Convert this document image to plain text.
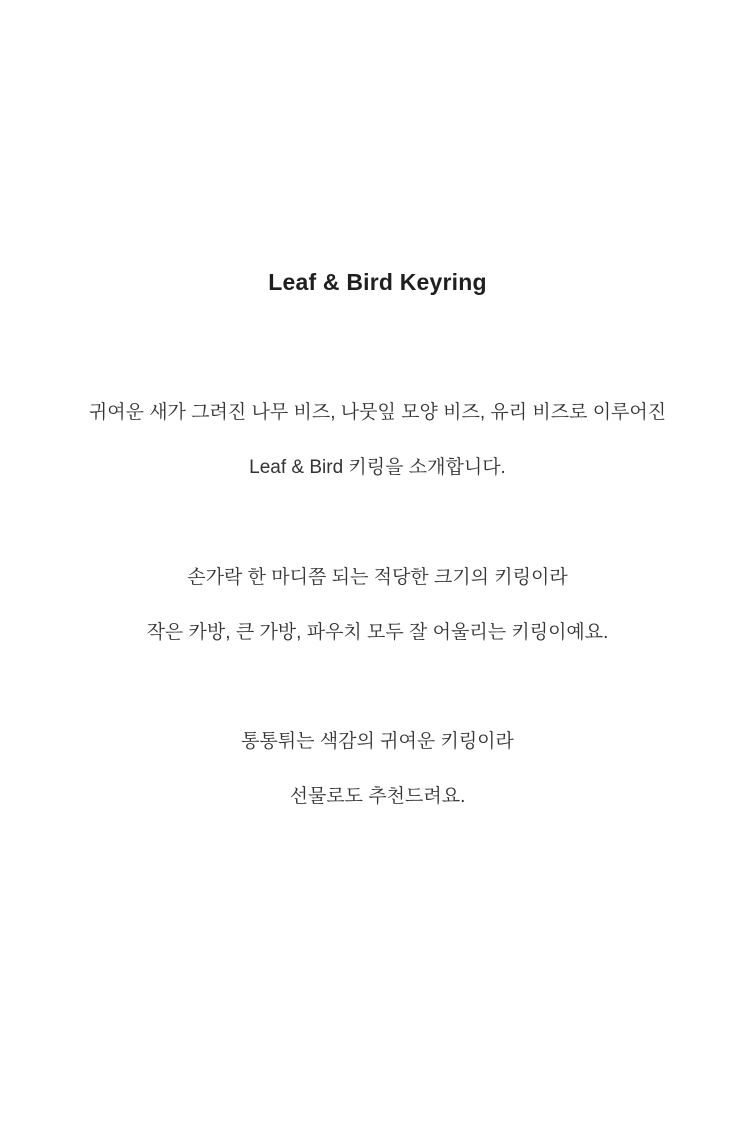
Leaf & Bird Keyring

귀여운 새가 그려진 나무 비즈, 나뭇잎 모양 비즈, 유리 비즈로 이루어진
Leaf & Bird 키링을 소개합니다.

손가락 한 마디쯤 되는 적당한 크기의 키링이라
작은 카방, 큰 가방, 파우치 모두 잘 어울리는 키링이예요.

통통튀는 색감의 귀여운 키링이라
선물로도 추천드려요.
